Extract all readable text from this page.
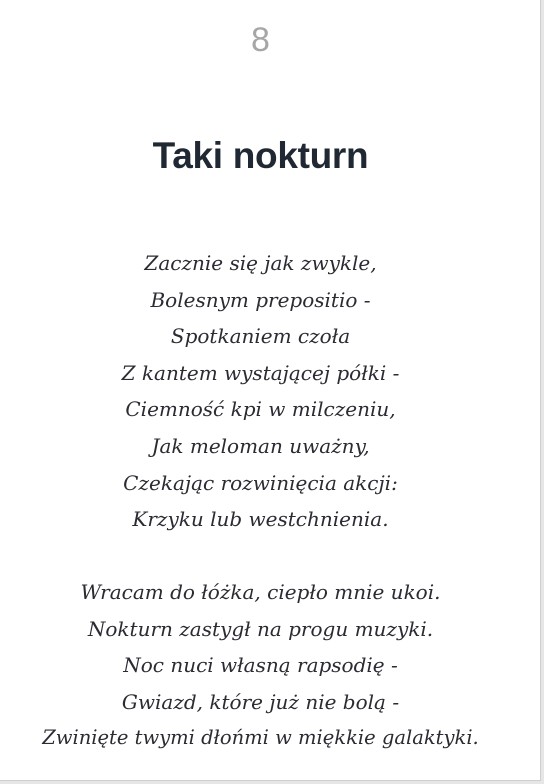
8
Taki nokturn
Zacznie się jak zwykle,
Bolesnym prepositio -
Spotkaniem czoła
Z kantem wystającej półki -
Ciemność kpi w milczeniu,
Jak meloman uważny,
Czekając rozwinięcia akcji:
Krzyku lub westchnienia.
Wracam do łóżka, ciepło mnie ukoi.
Nokturn zastygł na progu muzyki.
Noc nuci własną rapsodię -
Gwiazd, które już nie bolą -
Zwinięte twymi dłońmi w miękkie galaktyki.
